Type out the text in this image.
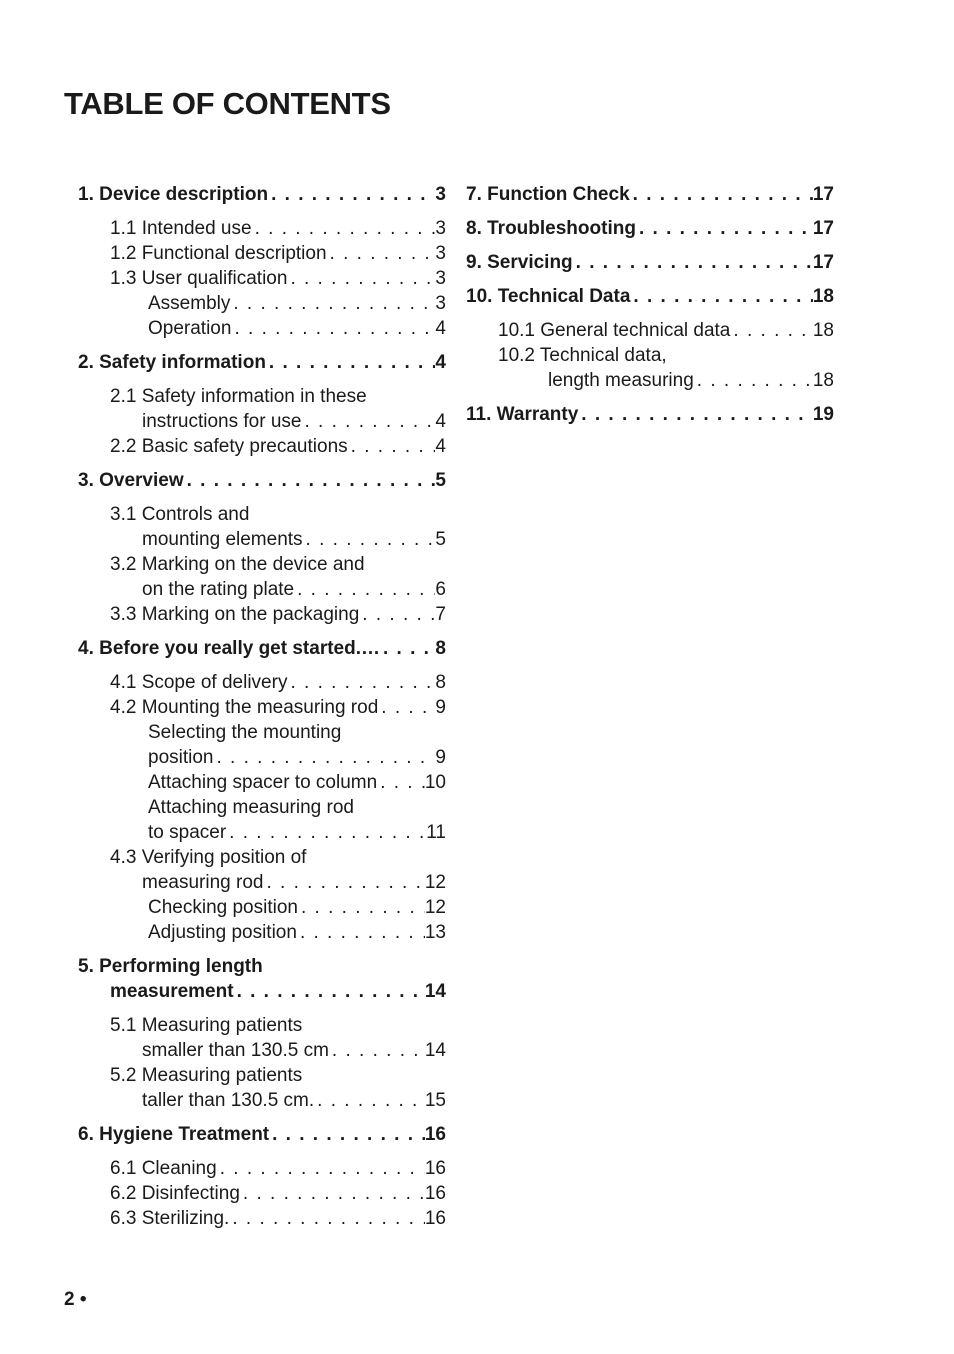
TABLE OF CONTENTS
1. Device description . . .	3
1.1 Intended use . . .	3
1.2 Functional description . . .	3
1.3 User qualification . . .	3
Assembly . . .	3
Operation . . .	4
2. Safety information . . .	4
2.1 Safety information in these
instructions for use . . .	4
2.2 Basic safety precautions . . .	4
3. Overview . . .	5
3.1 Controls and
mounting elements . . .	5
3.2 Marking on the device and
on the rating plate . . .	6
3.3 Marking on the packaging . . .	7
4. Before you really get started.… . . .	8
4.1 Scope of delivery . . .	8
4.2 Mounting the measuring rod . . .	9
Selecting the mounting
position . . .	9
Attaching spacer to column . . .	10
Attaching measuring rod
to spacer . . .	11
4.3 Verifying position of
measuring rod . . .	12
Checking position . . .	12
Adjusting position . . .	13
5. Performing length
measurement . . .	14
5.1 Measuring patients
smaller than 130.5 cm . . .	14
5.2 Measuring patients
taller than 130.5 cm. . . .	15
6. Hygiene Treatment . . .	16
6.1 Cleaning . . .	16
6.2 Disinfecting . . .	16
6.3 Sterilizing. . . .	16
7. Function Check . . .	17
8. Troubleshooting . . .	17
9. Servicing . . .	17
10. Technical Data . . .	18
10.1 General technical data . . .	18
10.2 Technical data,
length measuring . . .	18
11. Warranty . . .	19
2 •
